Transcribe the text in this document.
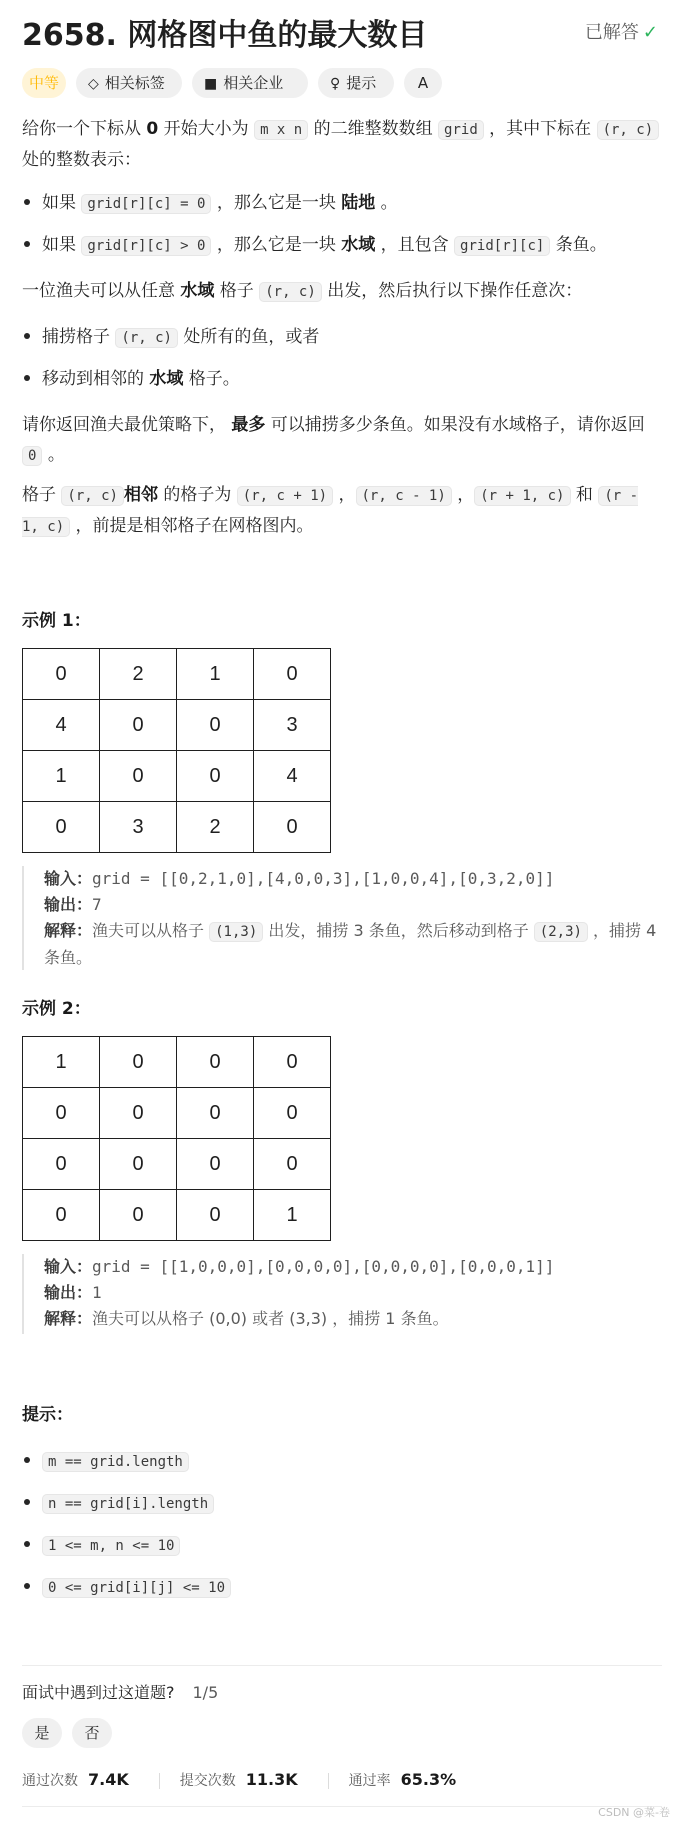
2658. 网格图中鱼的最大数目	已解答 ✓
中等	◇ 相关标签	■ 相关企业	♀ 提示	A
给你一个下标从 0 开始大小为 m x n 的二维整数数组 grid ，其中下标在 (r, c) 处的整数表示：
如果 grid[r][c] = 0 ，那么它是一块 陆地 。
如果 grid[r][c] > 0 ，那么它是一块 水域 ，且包含 grid[r][c] 条鱼。
一位渔夫可以从任意 水域 格子 (r, c) 出发，然后执行以下操作任意次：
捕捞格子 (r, c) 处所有的鱼，或者
移动到相邻的 水域 格子。
请你返回渔夫最优策略下， 最多 可以捕捞多少条鱼。如果没有水域格子，请你返回 0 。
格子 (r, c) 相邻 的格子为 (r, c + 1) ， (r, c - 1) ， (r + 1, c) 和 (r - 1, c) ，前提是相邻格子在网格图内。
示例 1：
0	2	1	0
4	0	0	3
1	0	0	4
0	3	2	0
输入：grid = [[0,2,1,0],[4,0,0,3],[1,0,0,4],[0,3,2,0]]
输出：7
解释：渔夫可以从格子 (1,3) 出发，捕捞 3 条鱼，然后移动到格子 (2,3) ，捕捞 4 条鱼。
示例 2：
1	0	0	0
0	0	0	0
0	0	0	0
0	0	0	1
输入：grid = [[1,0,0,0],[0,0,0,0],[0,0,0,0],[0,0,0,1]]
输出：1
解释：渔夫可以从格子 (0,0) 或者 (3,3) ，捕捞 1 条鱼。
提示：
m == grid.length
n == grid[i].length
1 <= m, n <= 10
0 <= grid[i][j] <= 10
面试中遇到过这道题? 1/5
是	否
通过次数 7.4K	提交次数 11.3K	通过率 65.3%
CSDN @菜-卷
